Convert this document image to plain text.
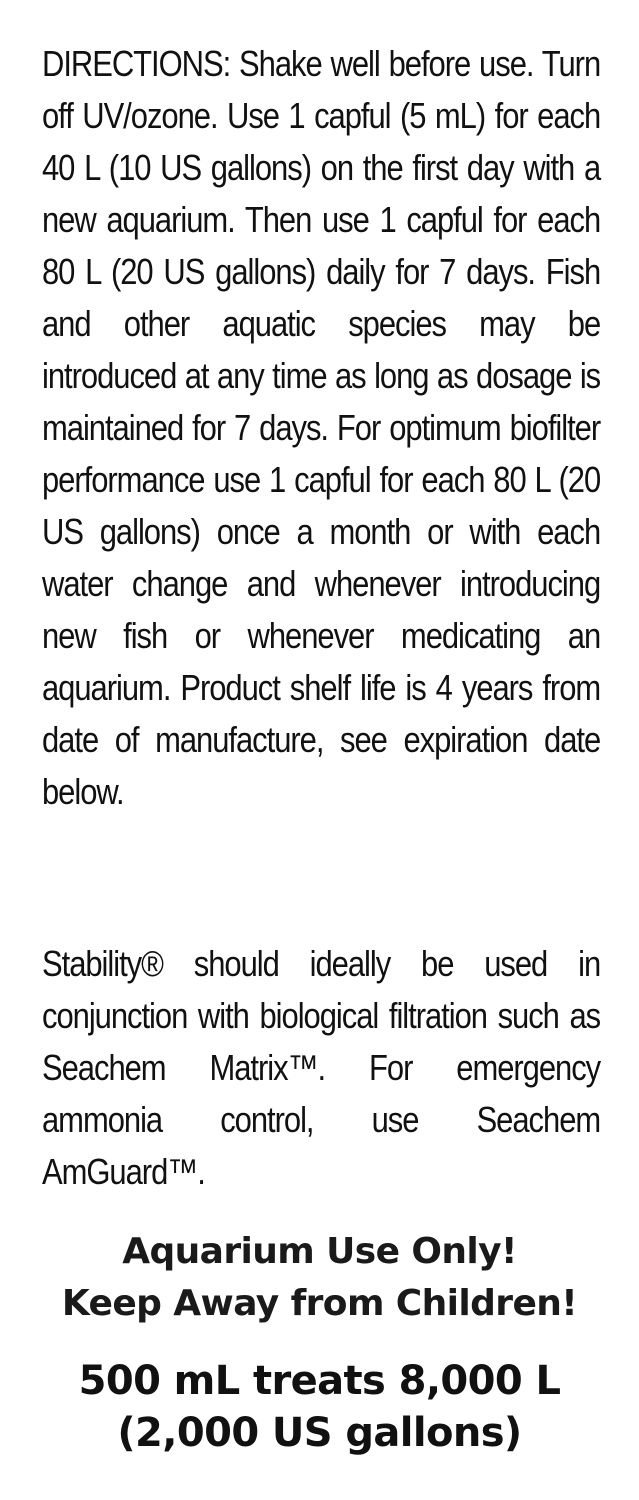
DIRECTIONS: Shake well before use. Turn off UV/ozone. Use 1 capful (5 mL) for each 40 L (10 US gallons) on the first day with a new aquarium. Then use 1 capful for each 80 L (20 US gallons) daily for 7 days. Fish and other aquatic species may be introduced at any time as long as dosage is maintained for 7 days. For optimum biofilter performance use 1 capful for each 80 L (20 US gallons) once a month or with each water change and whenever introducing new fish or whenever medicating an aquarium. Product shelf life is 4 years from date of manufacture, see expiration date below.

Stability® should ideally be used in conjunction with biological filtration such as Seachem Matrix™. For emergency ammonia control, use Seachem AmGuard™.

Aquarium Use Only!
Keep Away from Children!

500 mL treats 8,000 L
(2,000 US gallons)
